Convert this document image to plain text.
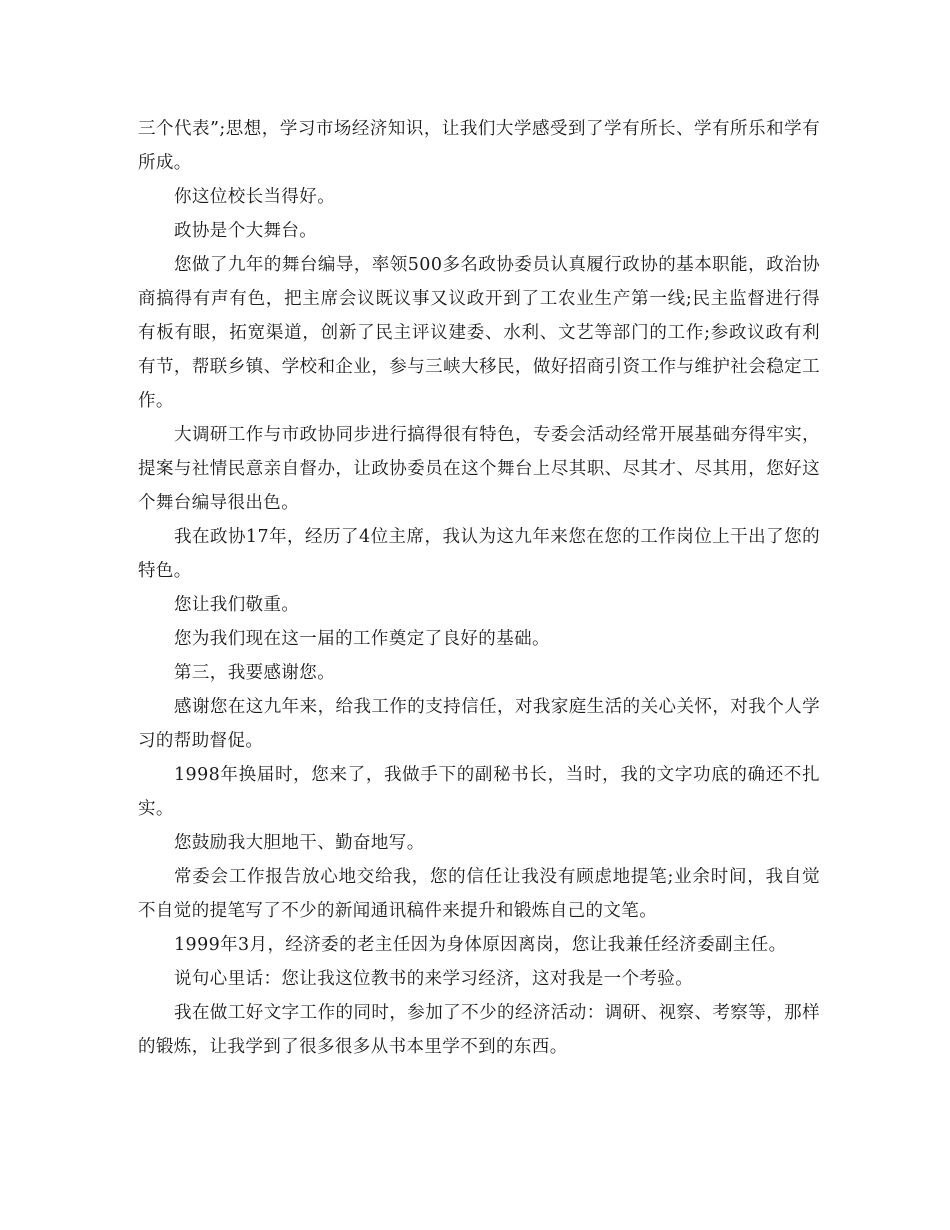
三个代表”;思想，学习市场经济知识，让我们大学感受到了学有所长、学有所乐和学有所成。

你这位校长当得好。

政协是个大舞台。

您做了九年的舞台编导，率领500多名政协委员认真履行政协的基本职能，政治协商搞得有声有色，把主席会议既议事又议政开到了工农业生产第一线;民主监督进行得有板有眼，拓宽渠道，创新了民主评议建委、水利、文艺等部门的工作;参政议政有利有节，帮联乡镇、学校和企业，参与三峡大移民，做好招商引资工作与维护社会稳定工作。

大调研工作与市政协同步进行搞得很有特色，专委会活动经常开展基础夯得牢实，提案与社情民意亲自督办，让政协委员在这个舞台上尽其职、尽其才、尽其用，您好这个舞台编导很出色。

我在政协17年，经历了4位主席，我认为这九年来您在您的工作岗位上干出了您的特色。

您让我们敬重。

您为我们现在这一届的工作奠定了良好的基础。

第三，我要感谢您。

感谢您在这九年来，给我工作的支持信任，对我家庭生活的关心关怀，对我个人学习的帮助督促。

1998年换届时，您来了，我做手下的副秘书长，当时，我的文字功底的确还不扎实。

您鼓励我大胆地干、勤奋地写。

常委会工作报告放心地交给我，您的信任让我没有顾虑地提笔;业余时间，我自觉不自觉的提笔写了不少的新闻通讯稿件来提升和锻炼自己的文笔。

1999年3月，经济委的老主任因为身体原因离岗，您让我兼任经济委副主任。

说句心里话：您让我这位教书的来学习经济，这对我是一个考验。

我在做工好文字工作的同时，参加了不少的经济活动：调研、视察、考察等，那样的锻炼，让我学到了很多很多从书本里学不到的东西。
